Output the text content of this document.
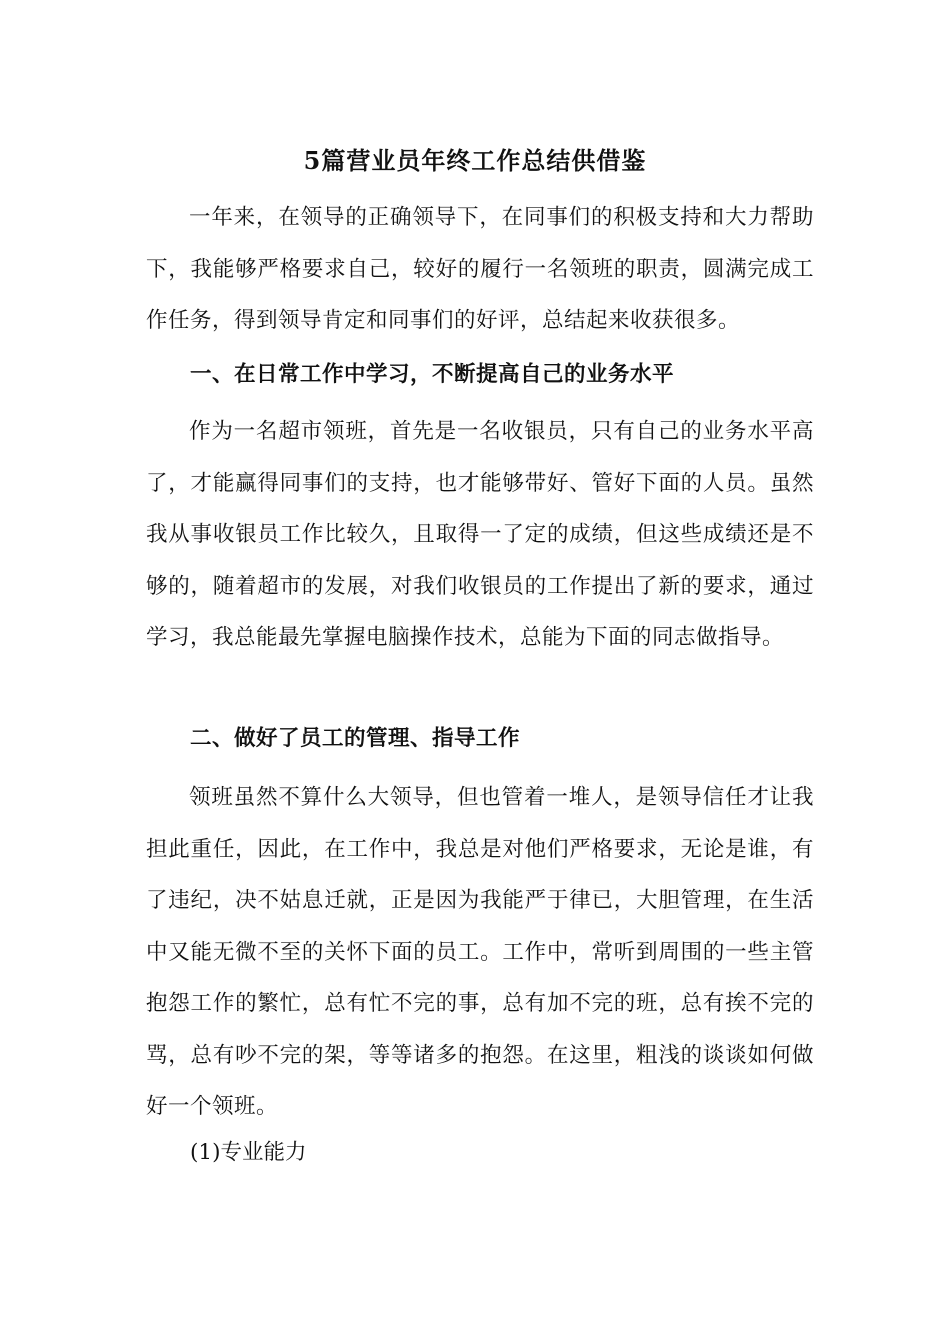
5篇营业员年终工作总结供借鉴
一年来，在领导的正确领导下，在同事们的积极支持和大力帮助下，我能够严格要求自己，较好的履行一名领班的职责，圆满完成工作任务，得到领导肯定和同事们的好评，总结起来收获很多。
一、在日常工作中学习，不断提高自己的业务水平
作为一名超市领班，首先是一名收银员，只有自己的业务水平高了，才能赢得同事们的支持，也才能够带好、管好下面的人员。虽然我从事收银员工作比较久，且取得一了定的成绩，但这些成绩还是不够的，随着超市的发展，对我们收银员的工作提出了新的要求，通过学习，我总能最先掌握电脑操作技术，总能为下面的同志做指导。
二、做好了员工的管理、指导工作
领班虽然不算什么大领导，但也管着一堆人，是领导信任才让我担此重任，因此，在工作中，我总是对他们严格要求，无论是谁，有了违纪，决不姑息迁就，正是因为我能严于律已，大胆管理，在生活中又能无微不至的关怀下面的员工。工作中，常听到周围的一些主管抱怨工作的繁忙，总有忙不完的事，总有加不完的班，总有挨不完的骂，总有吵不完的架，等等诸多的抱怨。在这里，粗浅的谈谈如何做好一个领班。
(1)专业能力
